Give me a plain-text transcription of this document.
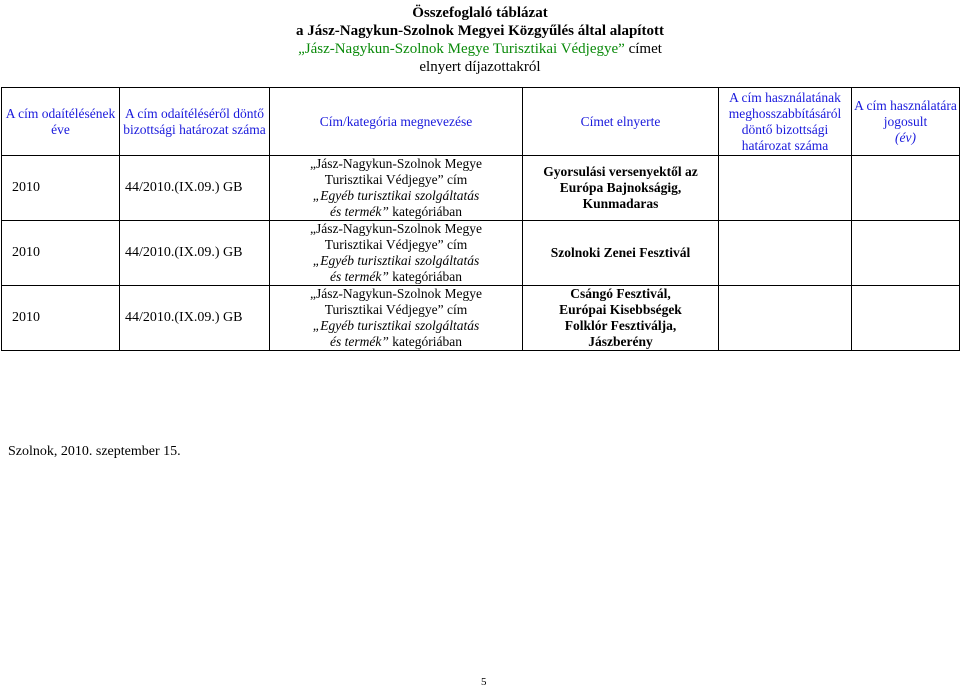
Összefoglaló táblázat
a Jász-Nagykun-Szolnok Megyei Közgyűlés által alapított
„Jász-Nagykun-Szolnok Megye Turisztikai Védjegye” címet
elnyert díjazottakról
A cím odaítélésének éve	A cím odaítéléséről döntő bizottsági határozat száma	Cím/kategória megnevezése	Címet elnyerte	A cím használatának meghosszabbításáról döntő bizottsági határozat száma	A cím használatára jogosult
(év)
2010	44/2010.(IX.09.) GB	„Jász-Nagykun-Szolnok Megye
Turisztikai Védjegye” cím
„Egyéb turisztikai szolgáltatás
és termék” kategóriában	Gyorsulási versenyektől az
Európa Bajnokságig,
Kunmadaras		
2010	44/2010.(IX.09.) GB	„Jász-Nagykun-Szolnok Megye
Turisztikai Védjegye” cím
„Egyéb turisztikai szolgáltatás
és termék” kategóriában	Szolnoki Zenei Fesztivál		
2010	44/2010.(IX.09.) GB	„Jász-Nagykun-Szolnok Megye
Turisztikai Védjegye” cím
„Egyéb turisztikai szolgáltatás
és termék” kategóriában	Csángó Fesztivál,
Európai Kisebbségek
Folklór Fesztiválja,
Jászberény		
Szolnok, 2010. szeptember 15.
5
